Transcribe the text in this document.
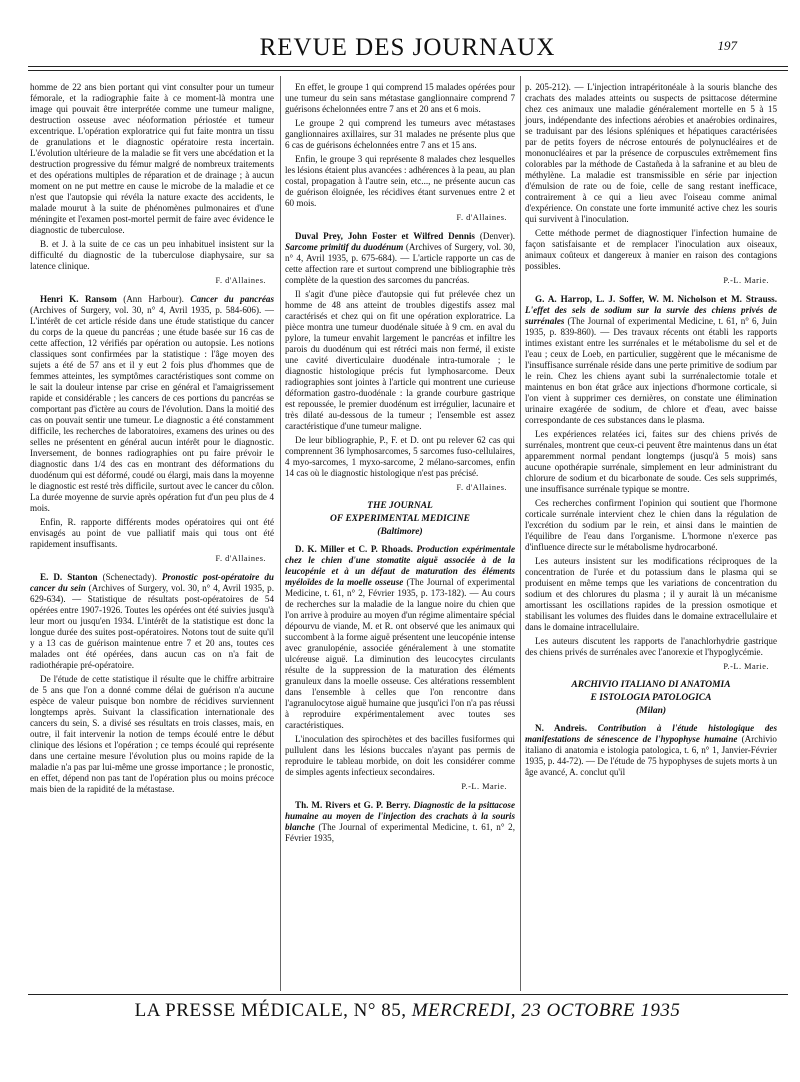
REVUE DES JOURNAUX	197

homme de 22 ans bien portant qui vint consulter pour un tumeur fémorale, et la radiographie faite à ce moment-là montra une image qui pouvait être interprétée comme une tumeur maligne, destruction osseuse avec néoformation périostée et tumeur excentrique. L'opération exploratrice qui fut faite montra un tissu de granulations et le diagnostic opératoire resta incertain. L'évolution ultérieure de la maladie se fit vers une abcédation et la destruction progressive du fémur malgré de nombreux traitements et des opérations multiples de réparation et de drainage ; à aucun moment on ne put mettre en cause le microbe de la maladie et ce n'est que l'autopsie qui révéla la nature exacte des accidents, le malade mourut à la suite de phénomènes pulmonaires et d'une méningite et l'examen post-mortel permit de faire avec évidence le diagnostic de tuberculose.

B. et J. à la suite de ce cas un peu inhabituel insistent sur la difficulté du diagnostic de la tuberculose diaphysaire, sur sa latence clinique.

F. d'Allaines.

Henri K. Ransom (Ann Harbour). Cancer du pancréas (Archives of Surgery, vol. 30, n° 4, Avril 1935, p. 584-606). — L'intérêt de cet article réside dans une étude statistique du cancer du corps de la queue du pancréas ; une étude basée sur 16 cas de cette affection, 12 vérifiés par opération ou autopsie. Les notions classiques sont confirmées par la statistique : l'âge moyen des sujets a été de 57 ans et il y eut 2 fois plus d'hommes que de femmes atteintes, les symptômes caractéristiques sont comme on le sait la douleur intense par crise en général et l'amaigrissement rapide et considérable ; les cancers de ces portions du pancréas se comportant pas d'ictère au cours de l'évolution. Dans la moitié des cas on pouvait sentir une tumeur. Le diagnostic a été constamment difficile, les recherches de laboratoires, examens des urines ou des selles ne présentent en général aucun intérêt pour le diagnostic. Inversement, de bonnes radiographies ont pu faire prévoir le diagnostic dans 1/4 des cas en montrant des déformations du duodénum qui est déformé, coudé ou élargi, mais dans la moyenne le diagnostic est resté très difficile, surtout avec le cancer du côlon. La durée moyenne de survie après opération fut d'un peu plus de 4 mois.

Enfin, R. rapporte différents modes opératoires qui ont été envisagés au point de vue palliatif mais qui tous ont été rapidement insuffisants.

F. d'Allaines.

E. D. Stanton (Schenectady). Pronostic post-opératoire du cancer du sein (Archives of Surgery, vol. 30, n° 4, Avril 1935, p. 629-634). — Statistique de résultats post-opératoires de 54 opérées entre 1907-1926. Toutes les opérées ont été suivies jusqu'à leur mort ou jusqu'en 1934. L'intérêt de la statistique est donc la longue durée des suites post-opératoires. Notons tout de suite qu'il y a 13 cas de guérison maintenue entre 7 et 20 ans, toutes ces malades ont été opérées, dans aucun cas on n'a fait de radiothérapie pré-opératoire.

De l'étude de cette statistique il résulte que le chiffre arbitraire de 5 ans que l'on a donné comme délai de guérison n'a aucune espèce de valeur puisque bon nombre de récidives surviennent longtemps après. Suivant la classification internationale des cancers du sein, S. a divisé ses résultats en trois classes, mais, en outre, il fait intervenir la notion de temps écoulé entre le début clinique des lésions et l'opération ; ce temps écoulé qui représente dans une certaine mesure l'évolution plus ou moins rapide de la maladie n'a pas par lui-même une grosse importance ; le pronostic, en effet, dépend non pas tant de l'opération plus ou moins précoce mais bien de la rapidité de la métastase.

En effet, le groupe 1 qui comprend 15 malades opérées pour une tumeur du sein sans métastase ganglionnaire comprend 7 guérisons échelonnées entre 7 ans et 20 ans et 6 mois.

Le groupe 2 qui comprend les tumeurs avec métastases ganglionnaires axillaires, sur 31 malades ne présente plus que 6 cas de guérisons échelonnées entre 7 ans et 15 ans.

Enfin, le groupe 3 qui représente 8 malades chez lesquelles les lésions étaient plus avancées : adhérences à la peau, au plan costal, propagation à l'autre sein, etc..., ne présente aucun cas de guérison éloignée, les récidives étant survenues entre 2 et 60 mois.

F. d'Allaines.

Duval Prey, John Foster et Wilfred Dennis (Denver). Sarcome primitif du duodénum (Archives of Surgery, vol. 30, n° 4, Avril 1935, p. 675-684). — L'article rapporte un cas de cette affection rare et surtout comprend une bibliographie très complète de la question des sarcomes du pancréas.

Il s'agit d'une pièce d'autopsie qui fut prélevée chez un homme de 48 ans atteint de troubles digestifs assez mal caractérisés et chez qui on fit une opération exploratrice. La pièce montra une tumeur duodénale située à 9 cm. en aval du pylore, la tumeur envahit largement le pancréas et infiltre les parois du duodénum qui est rétréci mais non fermé, il existe une cavité diverticulaire duodénale intra-tumorale ; le diagnostic histologique précis fut lymphosarcome. Deux radiographies sont jointes à l'article qui montrent une curieuse déformation gastro-duodénale : la grande courbure gastrique est repoussée, le premier duodénum est irrégulier, lacunaire et très dilaté au-dessous de la tumeur ; l'ensemble est assez caractéristique d'une tumeur maligne.

De leur bibliographie, P., F. et D. ont pu relever 62 cas qui comprennent 36 lymphosarcomes, 5 sarcomes fuso-cellulaires, 4 myo-sarcomes, 1 myxo-sarcome, 2 mélano-sarcomes, enfin 14 cas où le diagnostic histologique n'est pas précisé.

F. d'Allaines.

THE JOURNAL

OF EXPERIMENTAL MEDICINE

(Baltimore)

D. K. Miller et C. P. Rhoads. Production expérimentale chez le chien d'une stomatite aiguë associée à de la leucopénie et à un défaut de maturation des éléments myéloïdes de la moelle osseuse (The Journal of experimental Medicine, t. 61, n° 2, Février 1935, p. 173-182). — Au cours de recherches sur la maladie de la langue noire du chien que l'on arrive à produire au moyen d'un régime alimentaire spécial dépourvu de viande, M. et R. ont observé que les animaux qui succombent à la forme aiguë présentent une leucopénie intense avec granulopénie, associée généralement à une stomatite ulcéreuse aiguë. La diminution des leucocytes circulants résulte de la suppression de la maturation des éléments granuleux dans la moelle osseuse. Ces altérations ressemblent dans l'ensemble à celles que l'on rencontre dans l'agranulocytose aiguë humaine que jusqu'ici l'on n'a pas réussi à reproduire expérimentalement avec toutes ses caractéristiques.

L'inoculation des spirochètes et des bacilles fusiformes qui pullulent dans les lésions buccales n'ayant pas permis de reproduire le tableau morbide, on doit les considérer comme de simples agents infectieux secondaires.

P.-L. Marie.

Th. M. Rivers et G. P. Berry. Diagnostic de la psittacose humaine au moyen de l'injection des crachats à la souris blanche (The Journal of experimental Medicine, t. 61, n° 2, Février 1935,

p. 205-212). — L'injection intrapéritonéale à la souris blanche des crachats des malades atteints ou suspects de psittacose détermine chez ces animaux une maladie généralement mortelle en 5 à 15 jours, indépendante des infections aérobies et anaérobies ordinaires, se traduisant par des lésions spléniques et hépatiques caractérisées par de petits foyers de nécrose entourés de polynucléaires et de mononucléaires et par la présence de corpuscules extrêmement fins colorables par la méthode de Castañeda à la safranine et au bleu de méthylène. La maladie est transmissible en série par injection d'émulsion de rate ou de foie, celle de sang restant inefficace, contrairement à ce qui a lieu avec l'oiseau comme animal d'expérience. On constate une forte immunité active chez les souris qui survivent à l'inoculation.

Cette méthode permet de diagnostiquer l'infection humaine de façon satisfaisante et de remplacer l'inoculation aux oiseaux, animaux coûteux et dangereux à manier en raison des contagions possibles.

P.-L. Marie.

G. A. Harrop, L. J. Soffer, W. M. Nicholson et M. Strauss. L'effet des sels de sodium sur la survie des chiens privés de surrénales (The Journal of experimental Medicine, t. 61, n° 6, Juin 1935, p. 839-860). — Des travaux récents ont établi les rapports intimes existant entre les surrénales et le métabolisme du sel et de l'eau ; ceux de Loeb, en particulier, suggèrent que le mécanisme de l'insuffisance surrénale réside dans une perte primitive de sodium par le rein. Chez les chiens ayant subi la surrénalectomie totale et maintenus en bon état grâce aux injections d'hormone corticale, si l'on vient à supprimer ces dernières, on constate une élimination urinaire exagérée de sodium, de chlore et d'eau, avec baisse correspondante de ces substances dans le plasma.

Les expériences relatées ici, faites sur des chiens privés de surrénales, montrent que ceux-ci peuvent être maintenus dans un état apparemment normal pendant longtemps (jusqu'à 5 mois) sans aucune opothérapie surrénale, simplement en leur administrant du chlorure de sodium et du bicarbonate de soude. Ces sels supprimés, une insuffisance surrénale typique se montre.

Ces recherches confirment l'opinion qui soutient que l'hormone corticale surrénale intervient chez le chien dans la régulation de l'excrétion du sodium par le rein, et ainsi dans le maintien de l'équilibre de l'eau dans l'organisme. L'hormone n'exerce pas d'influence directe sur le métabolisme hydrocarboné.

Les auteurs insistent sur les modifications réciproques de la concentration de l'urée et du potassium dans le plasma qui se produisent en même temps que les variations de concentration du sodium et des chlorures du plasma ; il y aurait là un mécanisme amortissant les oscillations rapides de la pression osmotique et stabilisant les volumes des fluides dans le domaine extracellulaire et dans le domaine intracellulaire.

Les auteurs discutent les rapports de l'anachlorhydrie gastrique des chiens privés de surrénales avec l'anorexie et l'hypoglycémie.

P.-L. Marie.

ARCHIVIO ITALIANO DI ANATOMIA

E ISTOLOGIA PATOLOGICA

(Milan)

N. Andreis. Contribution à l'étude histologique des manifestations de sénescence de l'hypophyse humaine (Archivio italiano di anatomia e istologia patologica, t. 6, n° 1, Janvier-Février 1935, p. 44-72). — De l'étude de 75 hypophyses de sujets morts à un âge avancé, A. conclut qu'il

LA PRESSE MÉDICALE, N° 85, MERCREDI, 23 OCTOBRE 1935
